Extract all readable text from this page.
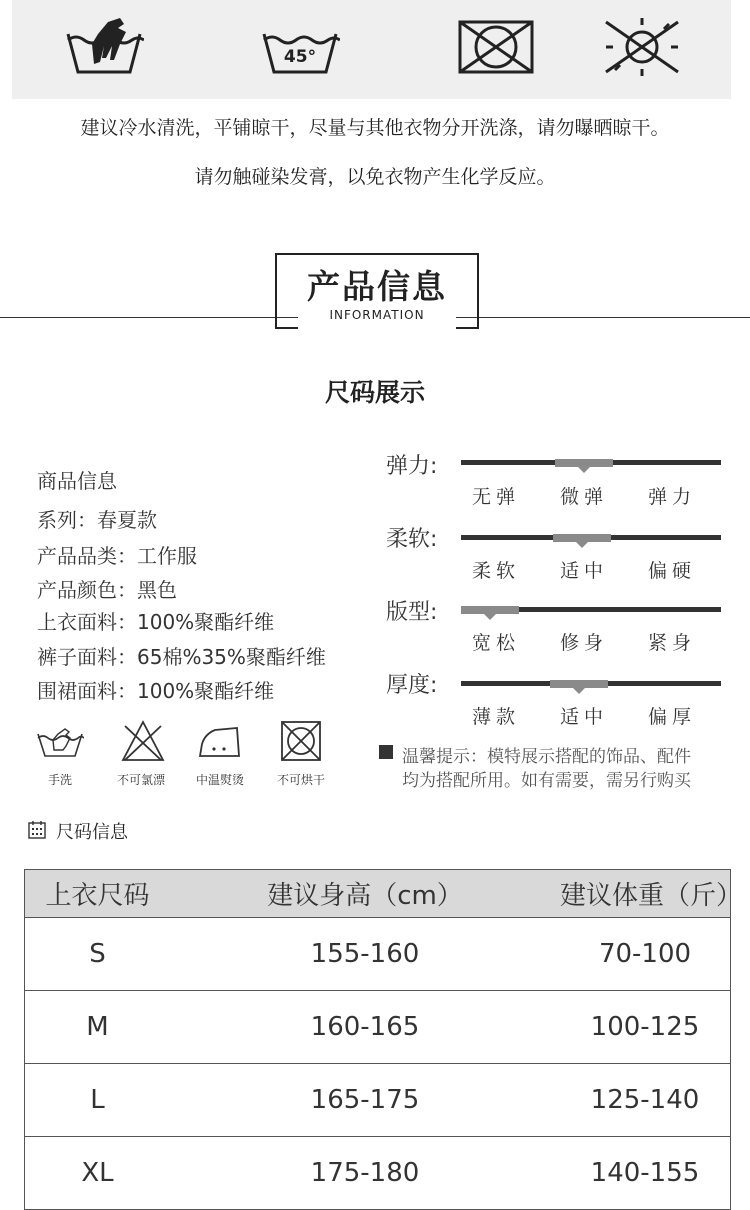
45°
建议冷水清洗，平铺晾干，尽量与其他衣物分开洗涤，请勿曝晒晾干。
请勿触碰染发膏，以免衣物产生化学反应。
产品信息
INFORMATION
尺码展示
商品信息
系列：春夏款
产品品类：工作服
产品颜色：黑色
上衣面料：100%聚酯纤维
裤子面料：65棉%35%聚酯纤维
围裙面料：100%聚酯纤维
弹力:
无弹 微弹 弹力
柔软:
柔软 适中 偏硬
版型:
宽松 修身 紧身
厚度:
薄款 适中 偏厚
手洗	不可氯漂	中温熨烫	不可烘干
温馨提示：模特展示搭配的饰品、配件
均为搭配所用。如有需要，需另行购买
尺码信息
上衣尺码	建议身高（cm）	建议体重（斤）
S	155-160	70-100
M	160-165	100-125
L	165-175	125-140
XL	175-180	140-155
